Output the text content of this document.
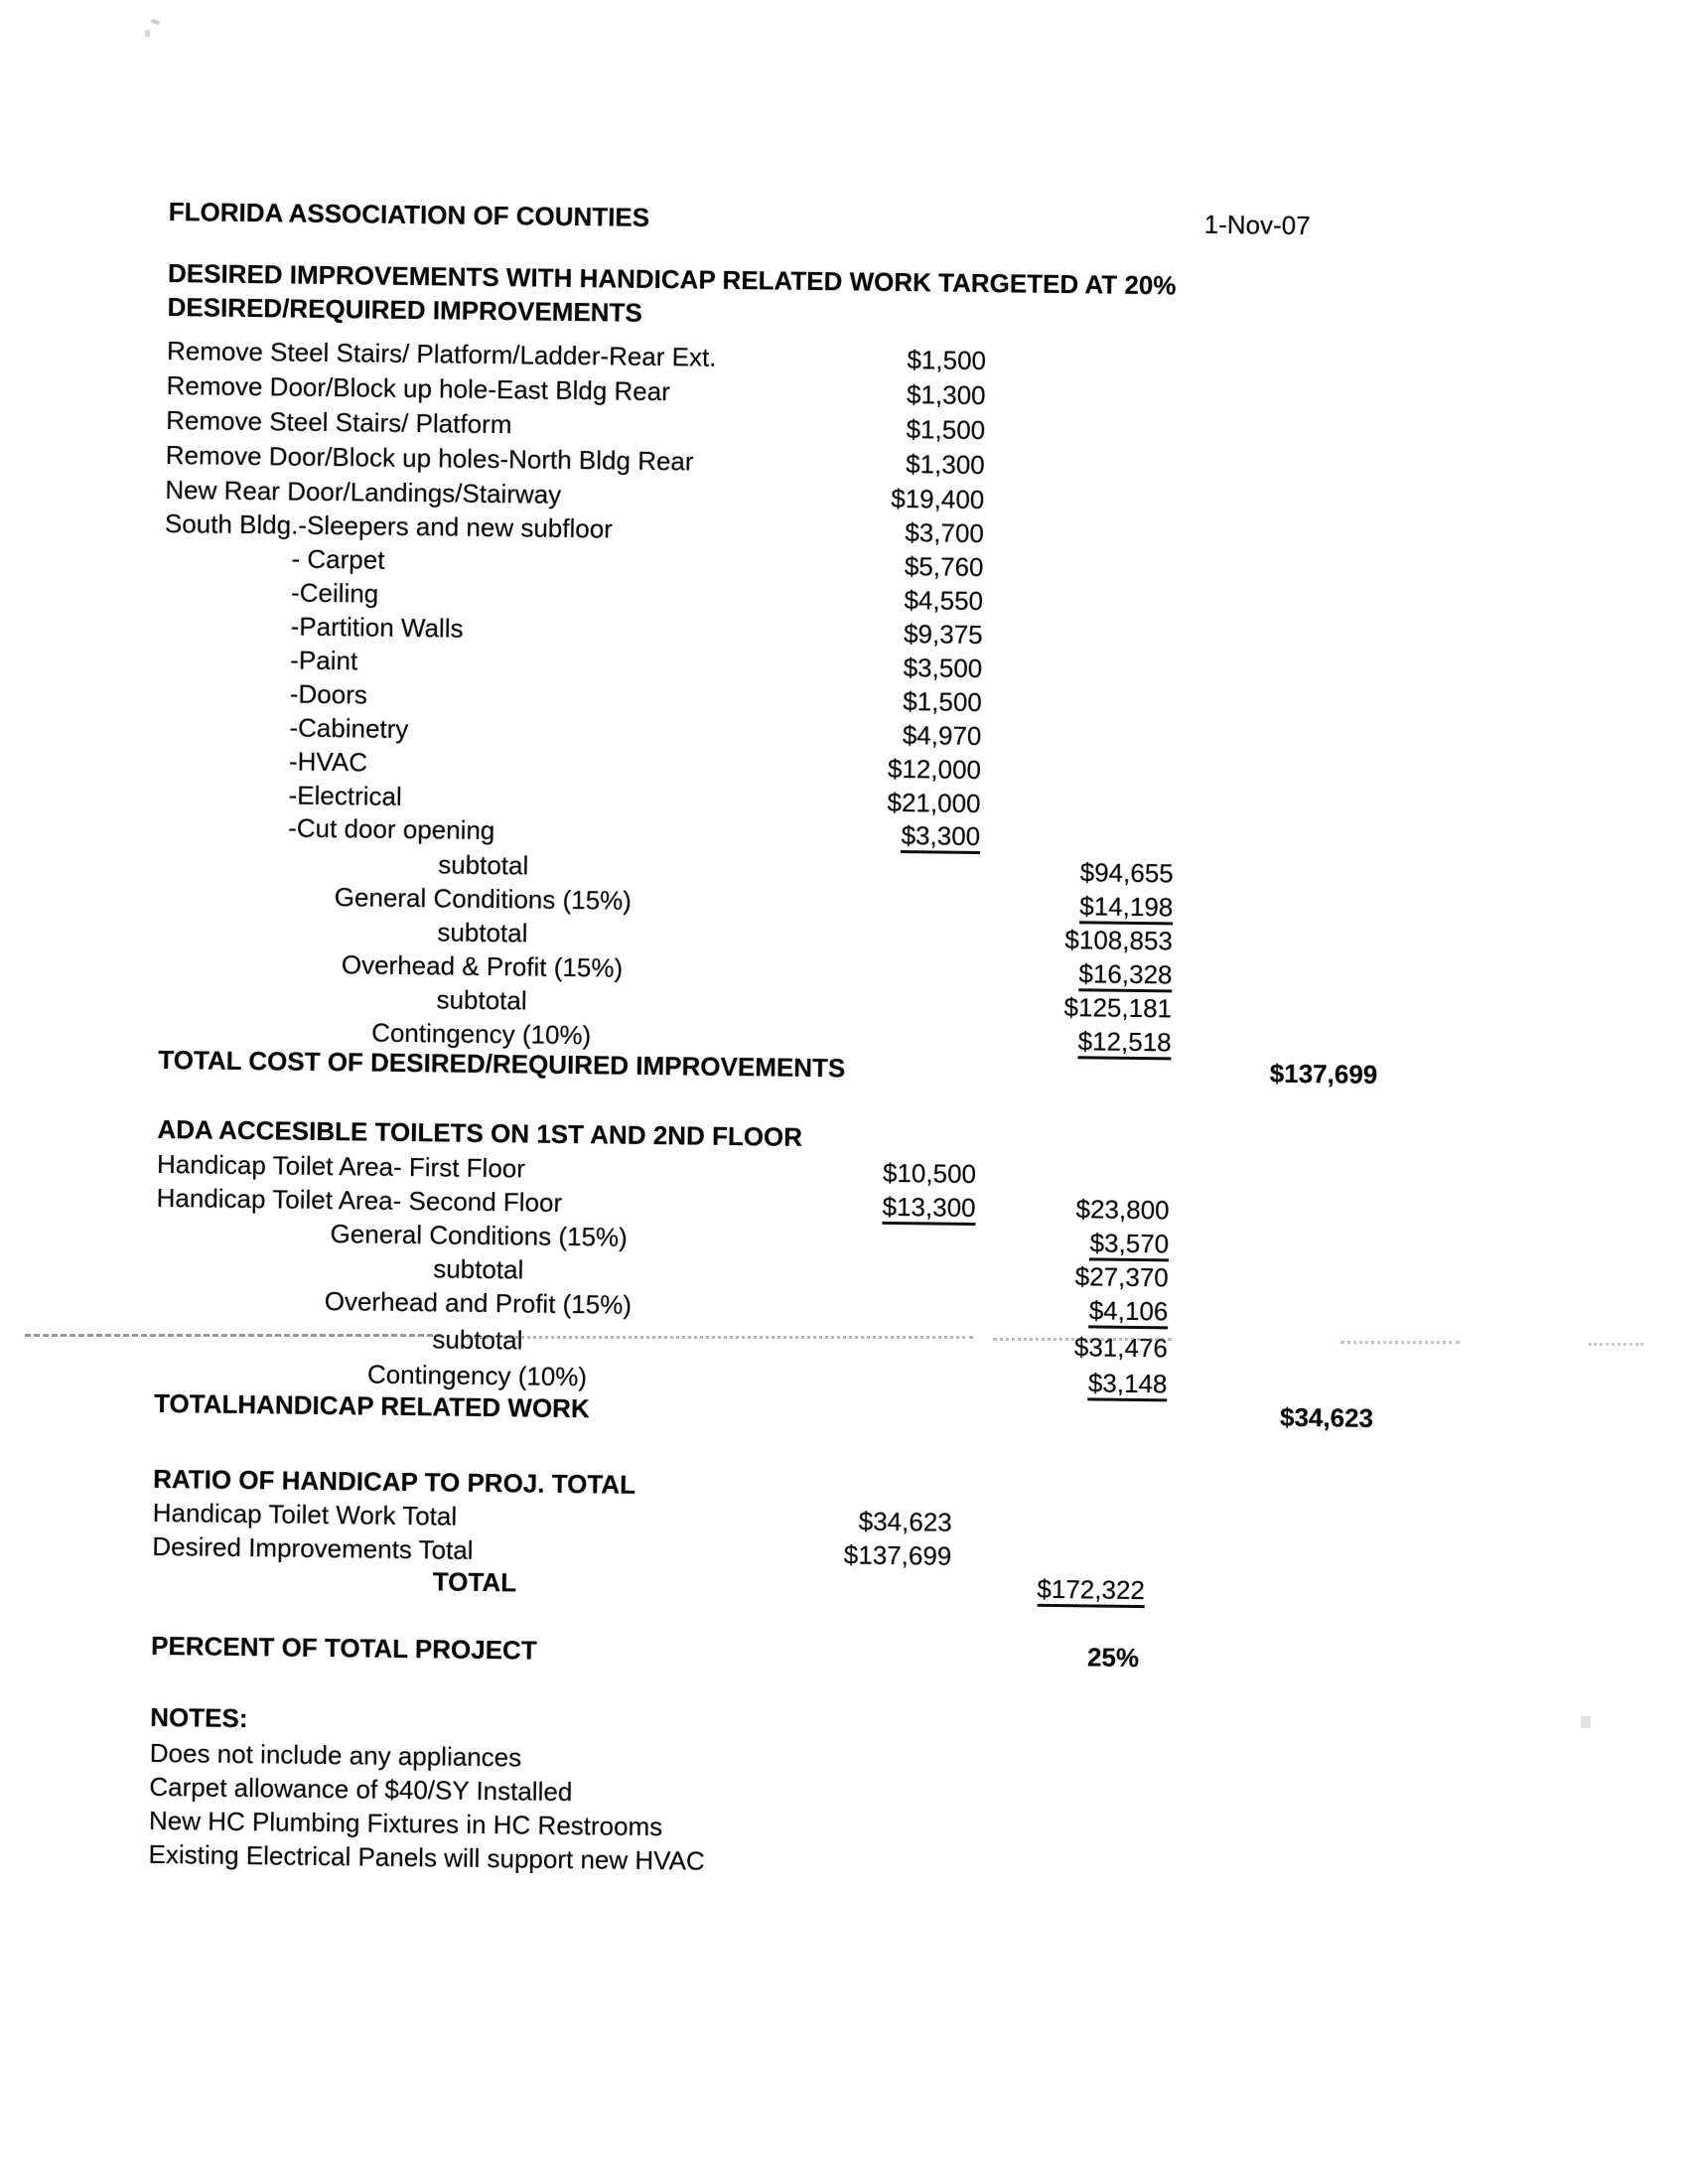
FLORIDA ASSOCIATION OF COUNTIES	1-Nov-07
DESIRED IMPROVEMENTS WITH HANDICAP RELATED WORK TARGETED AT 20%
DESIRED/REQUIRED IMPROVEMENTS
Remove Steel Stairs/ Platform/Ladder-Rear Ext.	$1,500
Remove Door/Block up hole-East Bldg Rear	$1,300
Remove Steel Stairs/ Platform	$1,500
Remove Door/Block up holes-North Bldg Rear	$1,300
New Rear Door/Landings/Stairway	$19,400
South Bldg.-Sleepers and new subfloor	$3,700
- Carpet	$5,760
-Ceiling	$4,550
-Partition Walls	$9,375
-Paint	$3,500
-Doors	$1,500
-Cabinetry	$4,970
-HVAC	$12,000
-Electrical	$21,000
-Cut door opening	$3,300
subtotal	$94,655
General Conditions (15%)	$14,198
subtotal	$108,853
Overhead & Profit (15%)	$16,328
subtotal	$125,181
Contingency (10%)	$12,518
TOTAL COST OF DESIRED/REQUIRED IMPROVEMENTS	$137,699
ADA ACCESIBLE TOILETS ON 1ST AND 2ND FLOOR
Handicap Toilet Area- First Floor	$10,500
Handicap Toilet Area- Second Floor	$13,300	$23,800
General Conditions (15%)	$3,570
subtotal	$27,370
Overhead and Profit (15%)	$4,106
subtotal	$31,476
Contingency (10%)	$3,148
TOTALHANDICAP RELATED WORK	$34,623
RATIO OF HANDICAP TO PROJ. TOTAL
Handicap Toilet Work Total	$34,623
Desired Improvements Total	$137,699
TOTAL	$172,322
PERCENT OF TOTAL PROJECT	25%
NOTES:
Does not include any appliances
Carpet allowance of $40/SY Installed
New HC Plumbing Fixtures in HC Restrooms
Existing Electrical Panels will support new HVAC
